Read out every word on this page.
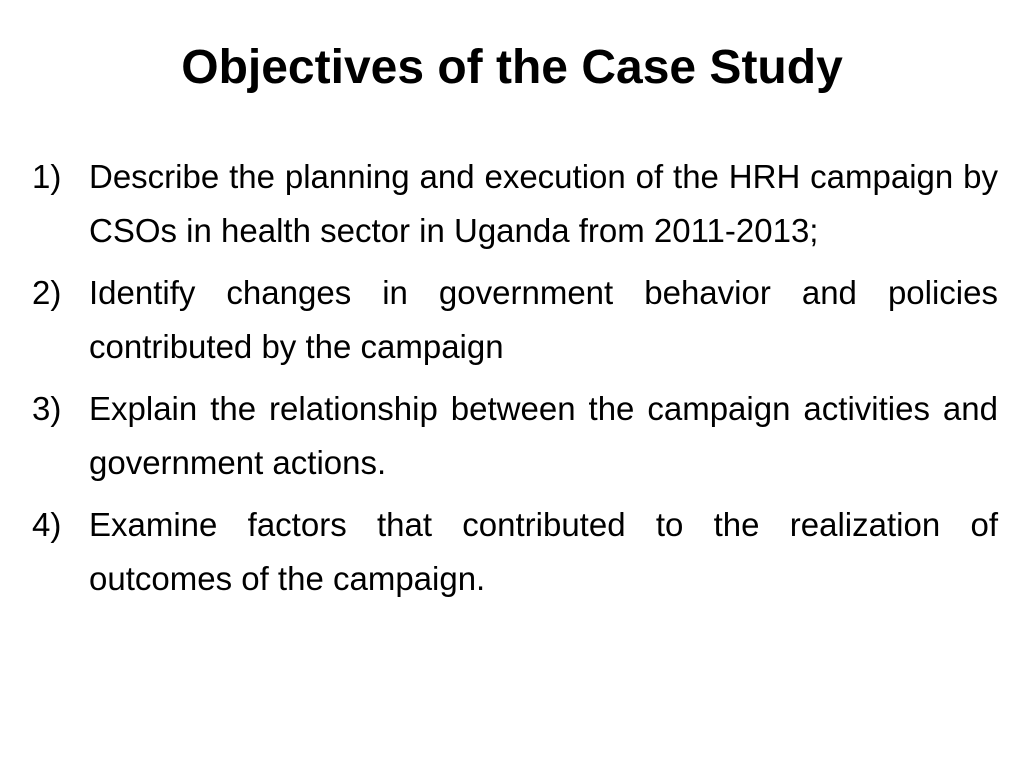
Objectives of the Case Study
1) Describe the planning and execution of the HRH campaign by CSOs in health sector in Uganda from 2011-2013;
2) Identify changes in government behavior and policies contributed by the campaign
3) Explain the relationship between the campaign activities and government actions.
4) Examine factors that contributed to the realization of outcomes of the campaign.
